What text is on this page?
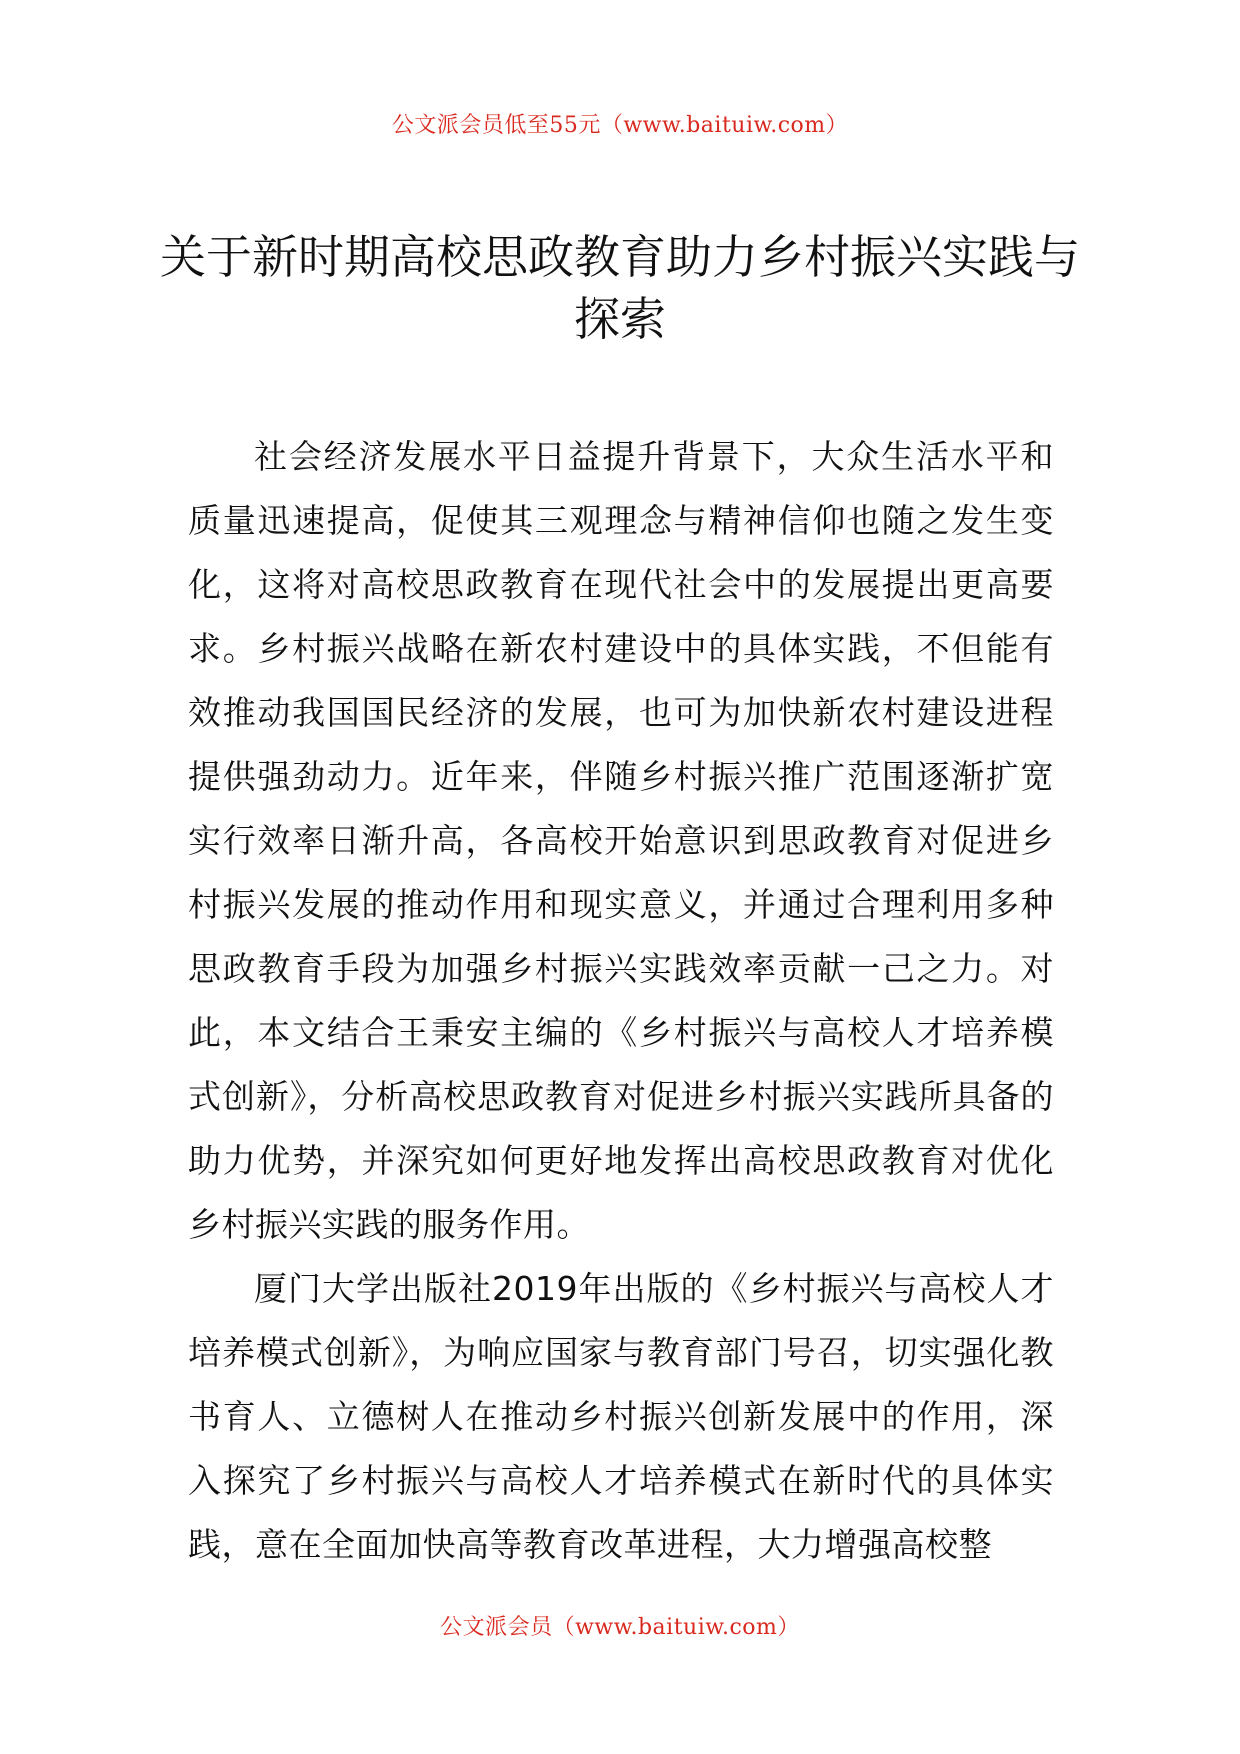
公文派会员低至55元（www.baituiw.com）
关于新时期高校思政教育助力乡村振兴实践与探索

社会经济发展水平日益提升背景下，大众生活水平和质量迅速提高，促使其三观理念与精神信仰也随之发生变化，这将对高校思政教育在现代社会中的发展提出更高要求。乡村振兴战略在新农村建设中的具体实践，不但能有效推动我国国民经济的发展，也可为加快新农村建设进程提供强劲动力。近年来，伴随乡村振兴推广范围逐渐扩宽实行效率日渐升高，各高校开始意识到思政教育对促进乡村振兴发展的推动作用和现实意义，并通过合理利用多种思政教育手段为加强乡村振兴实践效率贡献一己之力。对此，本文结合王秉安主编的《乡村振兴与高校人才培养模式创新》，分析高校思政教育对促进乡村振兴实践所具备的助力优势，并深究如何更好地发挥出高校思政教育对优化乡村振兴实践的服务作用。

厦门大学出版社2019年出版的《乡村振兴与高校人才培养模式创新》，为响应国家与教育部门号召，切实强化教书育人、立德树人在推动乡村振兴创新发展中的作用，深入探究了乡村振兴与高校人才培养模式在新时代的具体实践，意在全面加快高等教育改革进程，大力增强高校整

公文派会员（www.baituiw.com）
